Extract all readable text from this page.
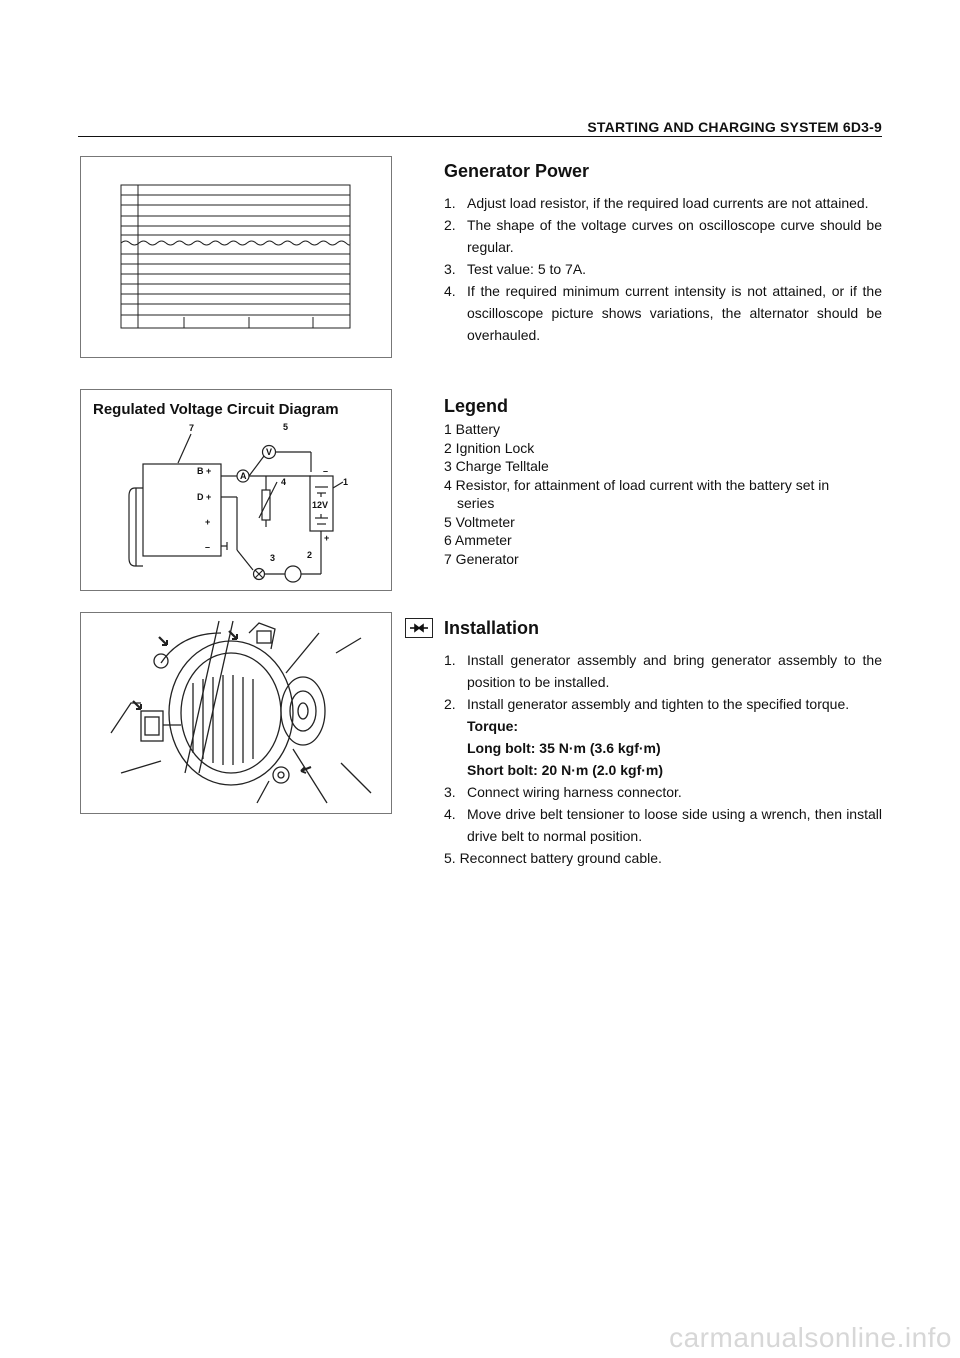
STARTING AND CHARGING SYSTEM 6D3-9
Generator Power
1. Adjust load resistor, if the required load currents are not attained.
2. The shape of the voltage curves on oscilloscope curve should be regular.
3. Test value: 5 to 7A.
4. If the required minimum current intensity is not attained, or if the oscilloscope picture shows variations, the alternator should be overhauled.
Regulated Voltage Circuit Diagram
7	5
4	1
3	2
B +
D +
+
–
V
A
12V
–
+
Legend
1 Battery
2 Ignition Lock
3 Charge Telltale
4 Resistor, for attainment of load current with the battery set in
series
5 Voltmeter
6 Ammeter
7 Generator
Installation
1. Install generator assembly and bring generator assembly to the position to be installed.
2. Install generator assembly and tighten to the specified torque.
Torque:
Long bolt: 35 N·m (3.6 kgf·m)
Short bolt: 20 N·m (2.0 kgf·m)
3. Connect wiring harness connector.
4. Move drive belt tensioner to loose side using a wrench, then install drive belt to normal position.
5. Reconnect battery ground cable.
carmanualsonline.info
